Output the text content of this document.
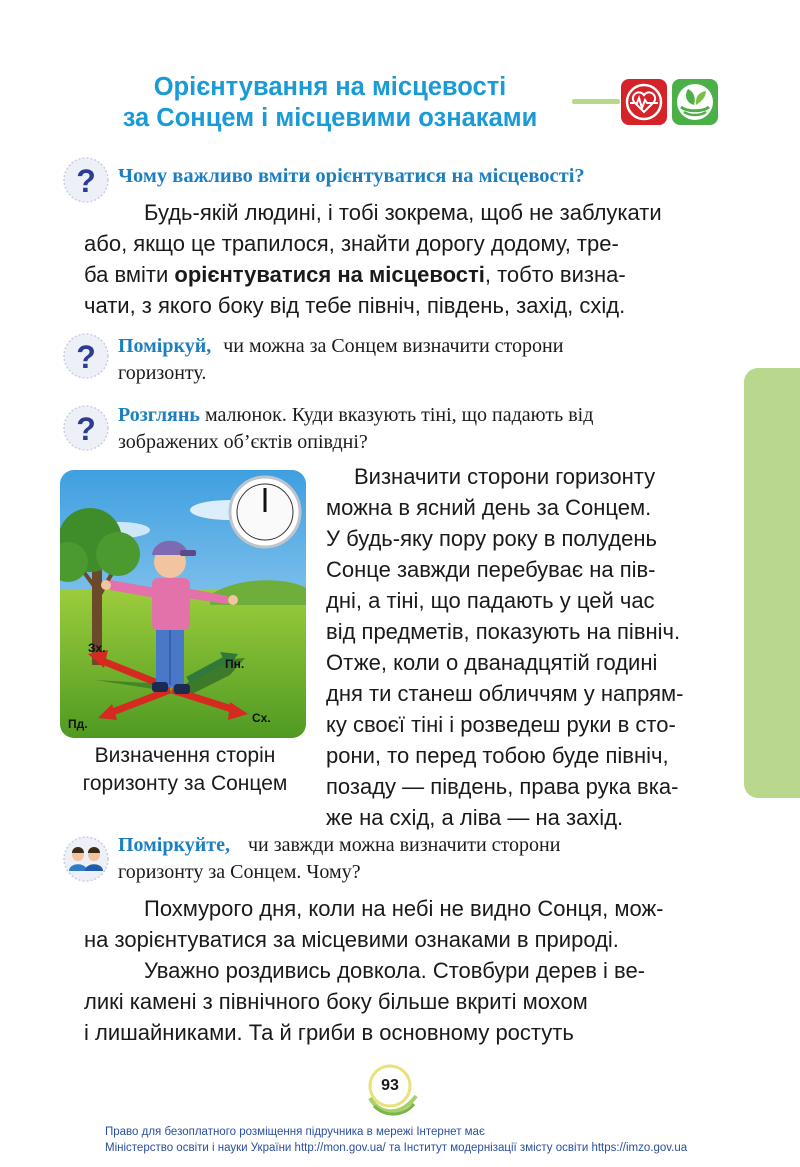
Орієнтування на місцевості
за Сонцем і місцевими ознаками
? Чому важливо вміти орієнтуватися на місцевості?
Будь-якій людині, і тобі зокрема, щоб не заблукати
або, якщо це трапилося, знайти дорогу додому, тре-
ба вміти орієнтуватися на місцевості, тобто визна-
чати, з якого боку від тебе північ, південь, захід, схід.
? Поміркуй, чи можна за Сонцем визначити сторони
горизонту.
? Розглянь малюнок. Куди вказують тіні, що падають від
зображених об’єктів опівдні?
Зх.
Пн.
Пд.	Сх.
Визначення сторін
горизонту за Сонцем
Визначити сторони горизонту
можна в ясний день за Сонцем.
У будь-яку пору року в полудень
Сонце завжди перебуває на пів-
дні, а тіні, що падають у цей час
від предметів, показують на північ.
Отже, коли о дванадцятій годині
дня ти станеш обличчям у напрям-
ку своєї тіні і розведеш руки в сто-
рони, то перед тобою буде північ,
позаду — південь, права рука вка-
же на схід, а ліва — на захід.
Поміркуйте, чи завжди можна визначити сторони
горизонту за Сонцем. Чому?
Похмурого дня, коли на небі не видно Сонця, мож-
на зорієнтуватися за місцевими ознаками в природі.
Уважно роздивись довкола. Стовбури дерев і ве-
ликі камені з північного боку більше вкриті мохом
і лишайниками. Та й гриби в основному ростуть
93
Право для безоплатного розміщення підручника в мережі Інтернет має
Міністерство освіти і науки України http://mon.gov.ua/ та Інститут модернізації змісту освіти https://imzo.gov.ua
